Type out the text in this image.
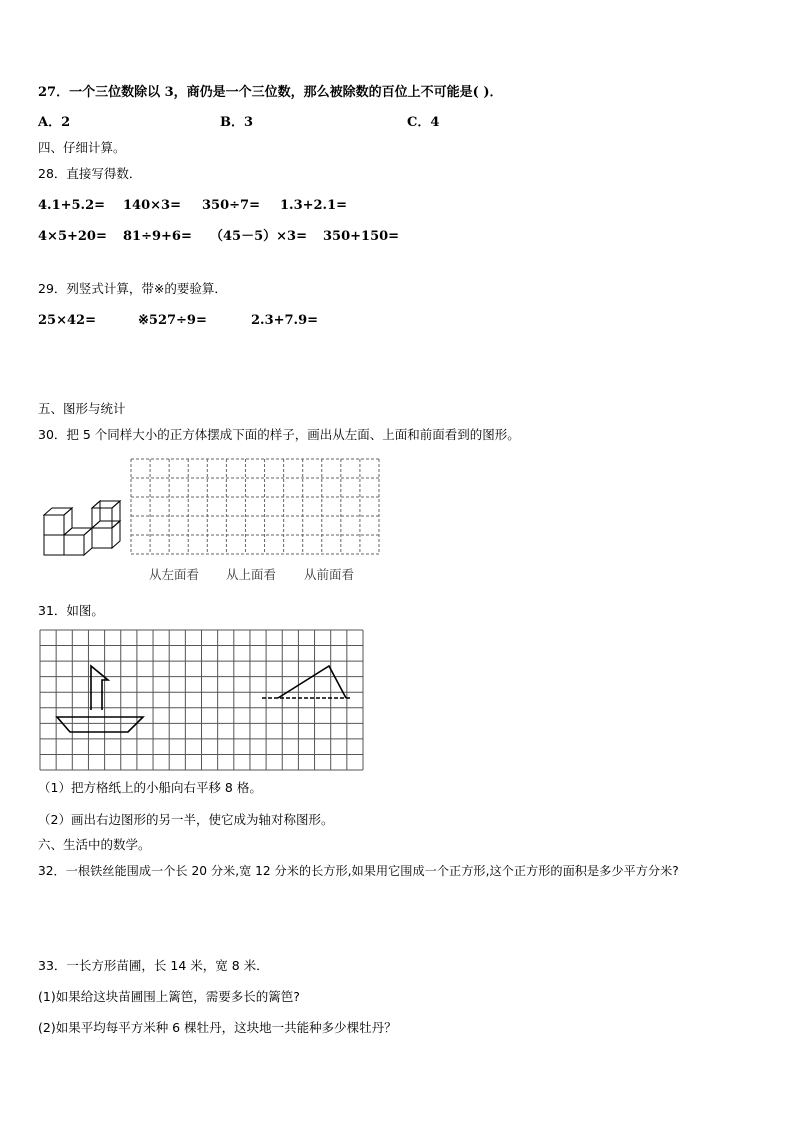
27．一个三位数除以 3，商仍是一个三位数，那么被除数的百位上不可能是( )．
A．2	B．3	C．4
四、仔细计算。
28．直接写得数．
4.1+5.2= 140×3= 350÷7= 1.3+2.1=
4×5+20= 81÷9+6= （45－5）×3= 350+150=
29．列竖式计算，带※的要验算．
25×42=	※527÷9=	2.3+7.9=
五、图形与统计
30．把 5 个同样大小的正方体摆成下面的样子，画出从左面、上面和前面看到的图形。
从左面看 从上面看 从前面看
31．如图。
（1）把方格纸上的小船向右平移 8 格。
（2）画出右边图形的另一半，使它成为轴对称图形。
六、生活中的数学。
32．一根铁丝能围成一个长 20 分米,宽 12 分米的长方形,如果用它围成一个正方形,这个正方形的面积是多少平方分米?
33．一长方形苗圃，长 14 米，宽 8 米．
(1)如果给这块苗圃围上篱笆，需要多长的篱笆?
(2)如果平均每平方米种 6 棵牡丹，这块地一共能种多少棵牡丹？
